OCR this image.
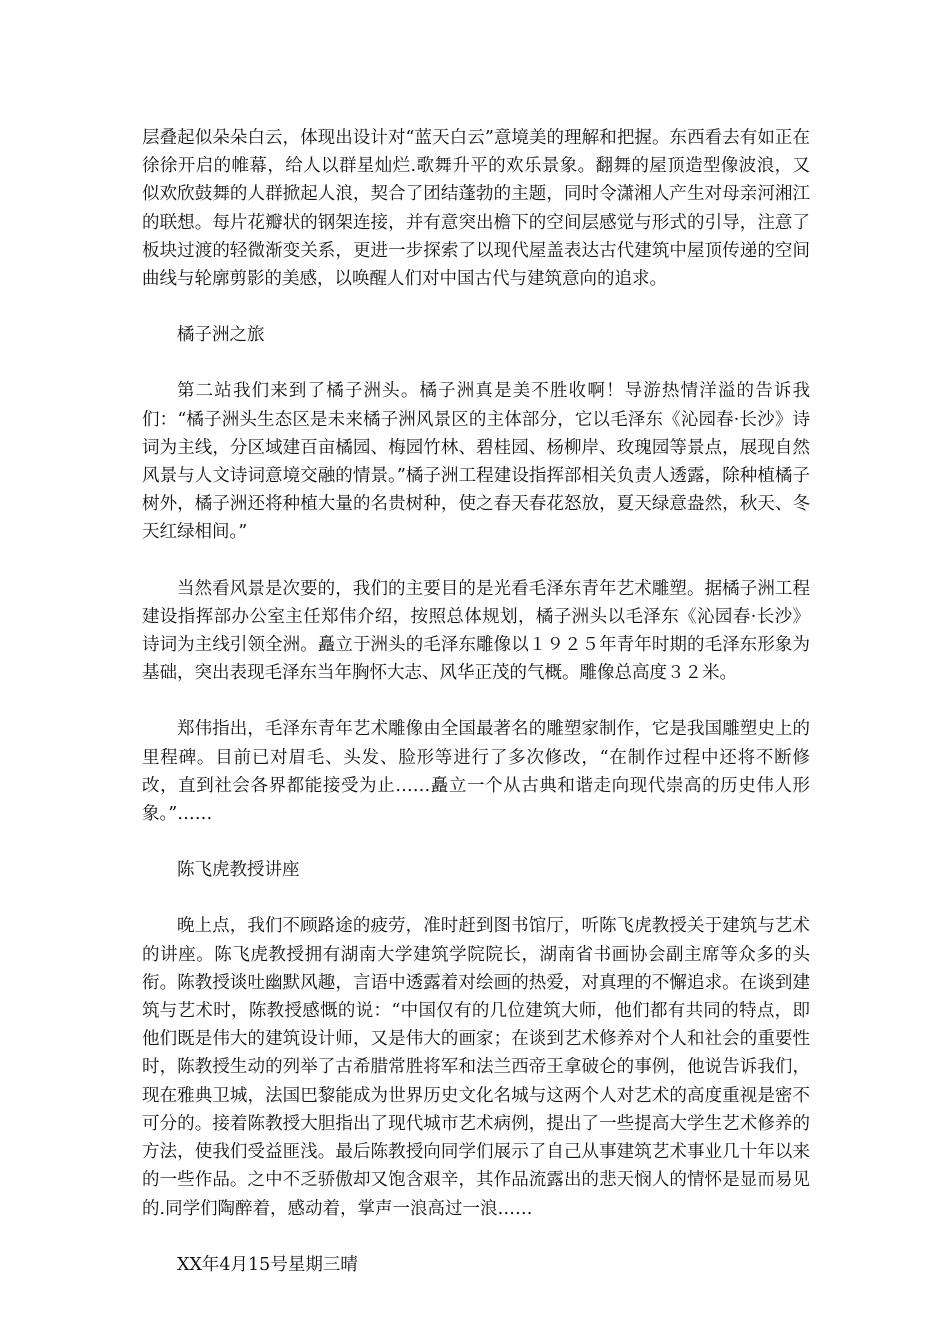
层叠起似朵朵白云，体现出设计对“蓝天白云”意境美的理解和把握。东西看去有如正在徐徐开启的帷幕，给人以群星灿烂.歌舞升平的欢乐景象。翻舞的屋顶造型像波浪，又似欢欣鼓舞的人群掀起人浪，契合了团结蓬勃的主题，同时令潇湘人产生对母亲河湘江的联想。每片花瓣状的钢架连接，并有意突出檐下的空间层感觉与形式的引导，注意了板块过渡的轻微渐变关系，更进一步探索了以现代屋盖表达古代建筑中屋顶传递的空间曲线与轮廓剪影的美感，以唤醒人们对中国古代与建筑意向的追求。

橘子洲之旅

第二站我们来到了橘子洲头。橘子洲真是美不胜收啊！导游热情洋溢的告诉我们：“橘子洲头生态区是未来橘子洲风景区的主体部分，它以毛泽东《沁园春·长沙》诗词为主线，分区域建百亩橘园、梅园竹林、碧桂园、杨柳岸、玫瑰园等景点，展现自然风景与人文诗词意境交融的情景。”橘子洲工程建设指挥部相关负责人透露，除种植橘子树外，橘子洲还将种植大量的名贵树种，使之春天春花怒放，夏天绿意盎然，秋天、冬天红绿相间。”

当然看风景是次要的，我们的主要目的是光看毛泽东青年艺术雕塑。据橘子洲工程建设指挥部办公室主任郑伟介绍，按照总体规划，橘子洲头以毛泽东《沁园春·长沙》诗词为主线引领全洲。矗立于洲头的毛泽东雕像以１９２５年青年时期的毛泽东形象为基础，突出表现毛泽东当年胸怀大志、风华正茂的气概。雕像总高度３２米。

郑伟指出，毛泽东青年艺术雕像由全国最著名的雕塑家制作，它是我国雕塑史上的里程碑。目前已对眉毛、头发、脸形等进行了多次修改，“在制作过程中还将不断修改，直到社会各界都能接受为止……矗立一个从古典和谐走向现代崇高的历史伟人形象。”……

陈飞虎教授讲座

晚上点，我们不顾路途的疲劳，准时赶到图书馆厅，听陈飞虎教授关于建筑与艺术的讲座。陈飞虎教授拥有湖南大学建筑学院院长，湖南省书画协会副主席等众多的头衔。陈教授谈吐幽默风趣，言语中透露着对绘画的热爱，对真理的不懈追求。在谈到建筑与艺术时，陈教授感慨的说：“中国仅有的几位建筑大师，他们都有共同的特点，即他们既是伟大的建筑设计师，又是伟大的画家；在谈到艺术修养对个人和社会的重要性时，陈教授生动的列举了古希腊常胜将军和法兰西帝王拿破仑的事例，他说告诉我们，现在雅典卫城，法国巴黎能成为世界历史文化名城与这两个人对艺术的高度重视是密不可分的。接着陈教授大胆指出了现代城市艺术病例，提出了一些提高大学生艺术修养的方法，使我们受益匪浅。最后陈教授向同学们展示了自己从事建筑艺术事业几十年以来的一些作品。之中不乏骄傲却又饱含艰辛，其作品流露出的悲天悯人的情怀是显而易见的.同学们陶醉着，感动着，掌声一浪高过一浪……

XX年4月15号星期三晴
